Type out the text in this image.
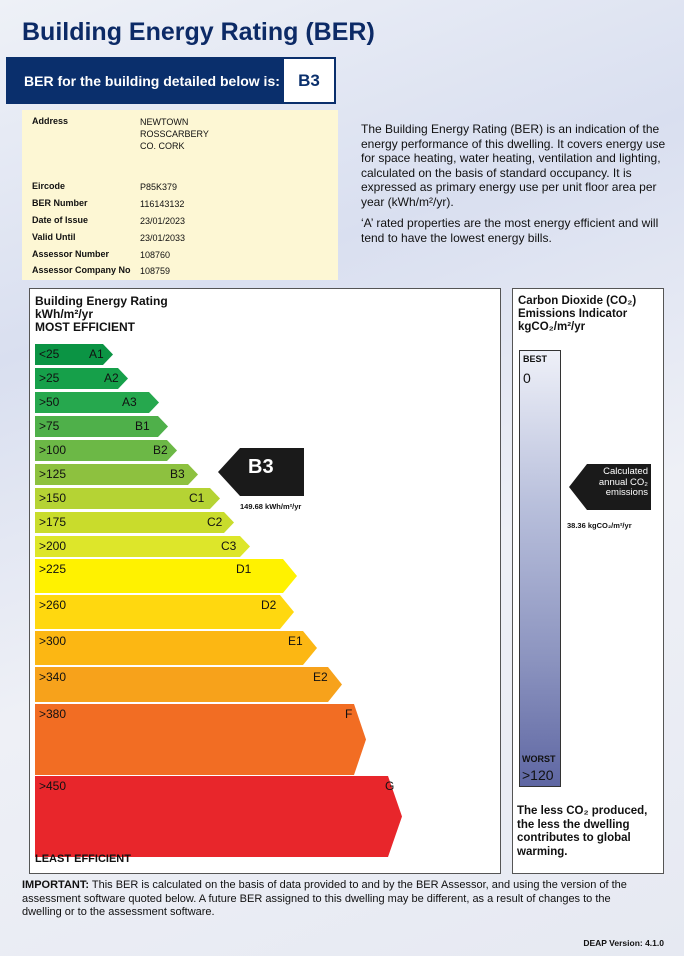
Building Energy Rating (BER)
BER for the building detailed below is:	B3
Address	NEWTOWN
ROSSCARBERY
CO. CORK
Eircode	P85K379
BER Number	116143132
Date of Issue	23/01/2023
Valid Until	23/01/2033
Assessor Number	108760
Assessor Company No	108759

The Building Energy Rating (BER) is an indication of the energy performance of this dwelling. It covers energy use for space heating, water heating, ventilation and lighting, calculated on the basis of standard occupancy. It is expressed as primary energy use per unit floor area per year (kWh/m²/yr).

‘A’ rated properties are the most energy efficient and will tend to have the lowest energy bills.

Building Energy Rating
kWh/m²/yr
MOST EFFICIENT
<25 A1
>25	A2
>50	A3
>75	B1
>100	B2
>125	B3
>150	C1
>175	C2
>200	C3
>225	D1
>260	D2
>300	E1
>340	E2
>380	F
>450	G
LEAST EFFICIENT
B3
149.68 kWh/m²/yr
Carbon Dioxide (CO₂)
Emissions Indicator
kgCO₂/m²/yr
BEST
0
WORST
>120
Calculated
annual CO₂
emissions
38.36 kgCO₂/m²/yr
The less CO₂ produced, the less the dwelling contributes to global warming.
IMPORTANT: This BER is calculated on the basis of data provided to and by the BER Assessor, and using the version of the assessment software quoted below. A future BER assigned to this dwelling may be different, as a result of changes to the dwelling or to the assessment software.
DEAP Version: 4.1.0
